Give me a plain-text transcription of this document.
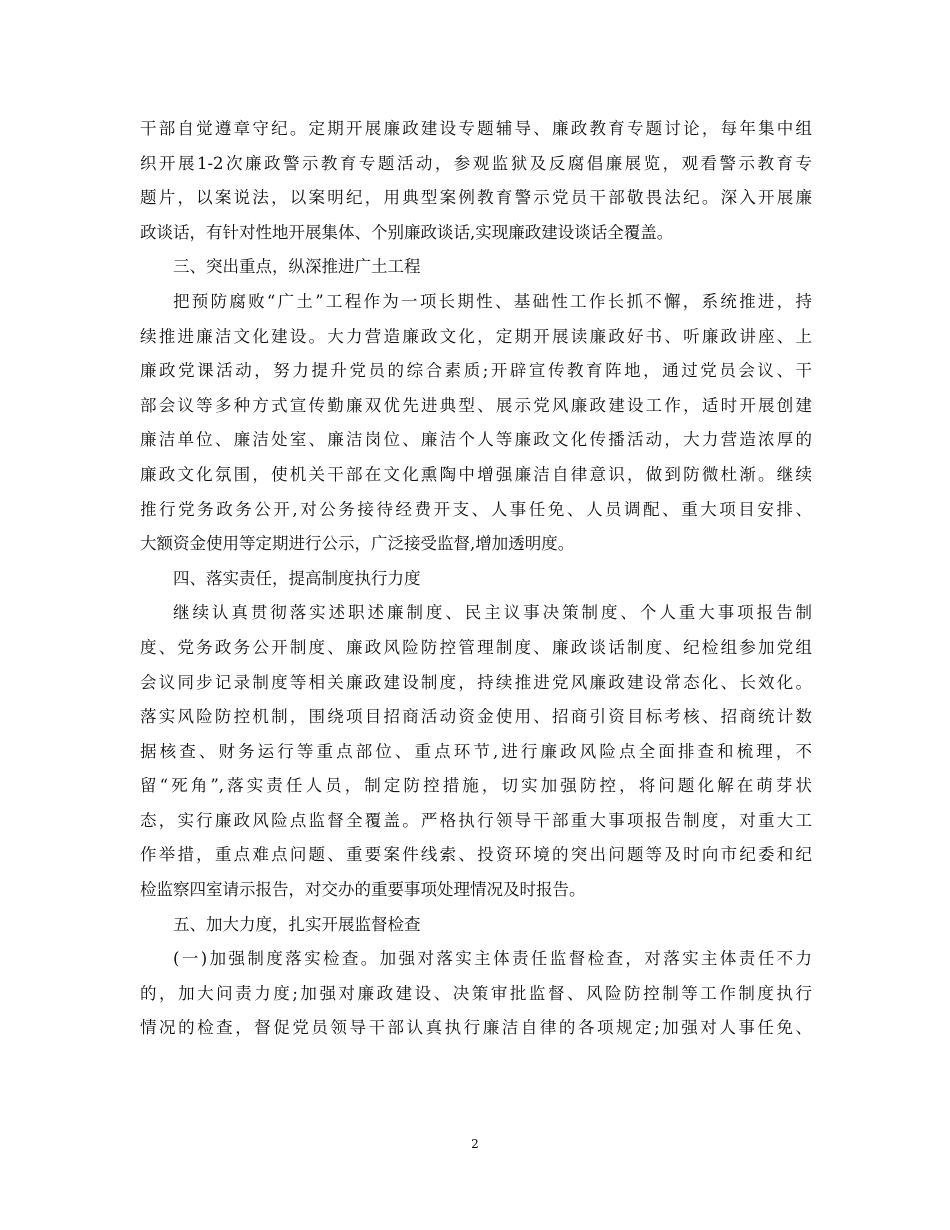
干部自觉遵章守纪。定期开展廉政建设专题辅导、廉政教育专题讨论，每年集中组
织开展1-2次廉政警示教育专题活动，参观监狱及反腐倡廉展览，观看警示教育专
题片，以案说法，以案明纪，用典型案例教育警示党员干部敬畏法纪。深入开展廉
政谈话，有针对性地开展集体、个别廉政谈话,实现廉政建设谈话全覆盖。
三、突出重点，纵深推进广土工程
把预防腐败“广土”工程作为一项长期性、基础性工作长抓不懈，系统推进，持
续推进廉洁文化建设。大力营造廉政文化，定期开展读廉政好书、听廉政讲座、上
廉政党课活动，努力提升党员的综合素质;开辟宣传教育阵地，通过党员会议、干
部会议等多种方式宣传勤廉双优先进典型、展示党风廉政建设工作，适时开展创建
廉洁单位、廉洁处室、廉洁岗位、廉洁个人等廉政文化传播活动，大力营造浓厚的
廉政文化氛围，使机关干部在文化熏陶中增强廉洁自律意识，做到防微杜渐。继续
推行党务政务公开,对公务接待经费开支、人事任免、人员调配、重大项目安排、
大额资金使用等定期进行公示，广泛接受监督,增加透明度。
四、落实责任，提高制度执行力度
继续认真贯彻落实述职述廉制度、民主议事决策制度、个人重大事项报告制
度、党务政务公开制度、廉政风险防控管理制度、廉政谈话制度、纪检组参加党组
会议同步记录制度等相关廉政建设制度，持续推进党风廉政建设常态化、长效化。
落实风险防控机制，围绕项目招商活动资金使用、招商引资目标考核、招商统计数
据核查、财务运行等重点部位、重点环节,进行廉政风险点全面排查和梳理，不
留“死角”,落实责任人员，制定防控措施，切实加强防控，将问题化解在萌芽状
态，实行廉政风险点监督全覆盖。严格执行领导干部重大事项报告制度，对重大工
作举措，重点难点问题、重要案件线索、投资环境的突出问题等及时向市纪委和纪
检监察四室请示报告，对交办的重要事项处理情况及时报告。
五、加大力度，扎实开展监督检查
(一)加强制度落实检查。加强对落实主体责任监督检查，对落实主体责任不力
的，加大问责力度;加强对廉政建设、决策审批监督、风险防控制等工作制度执行
情况的检查，督促党员领导干部认真执行廉洁自律的各项规定;加强对人事任免、
2
